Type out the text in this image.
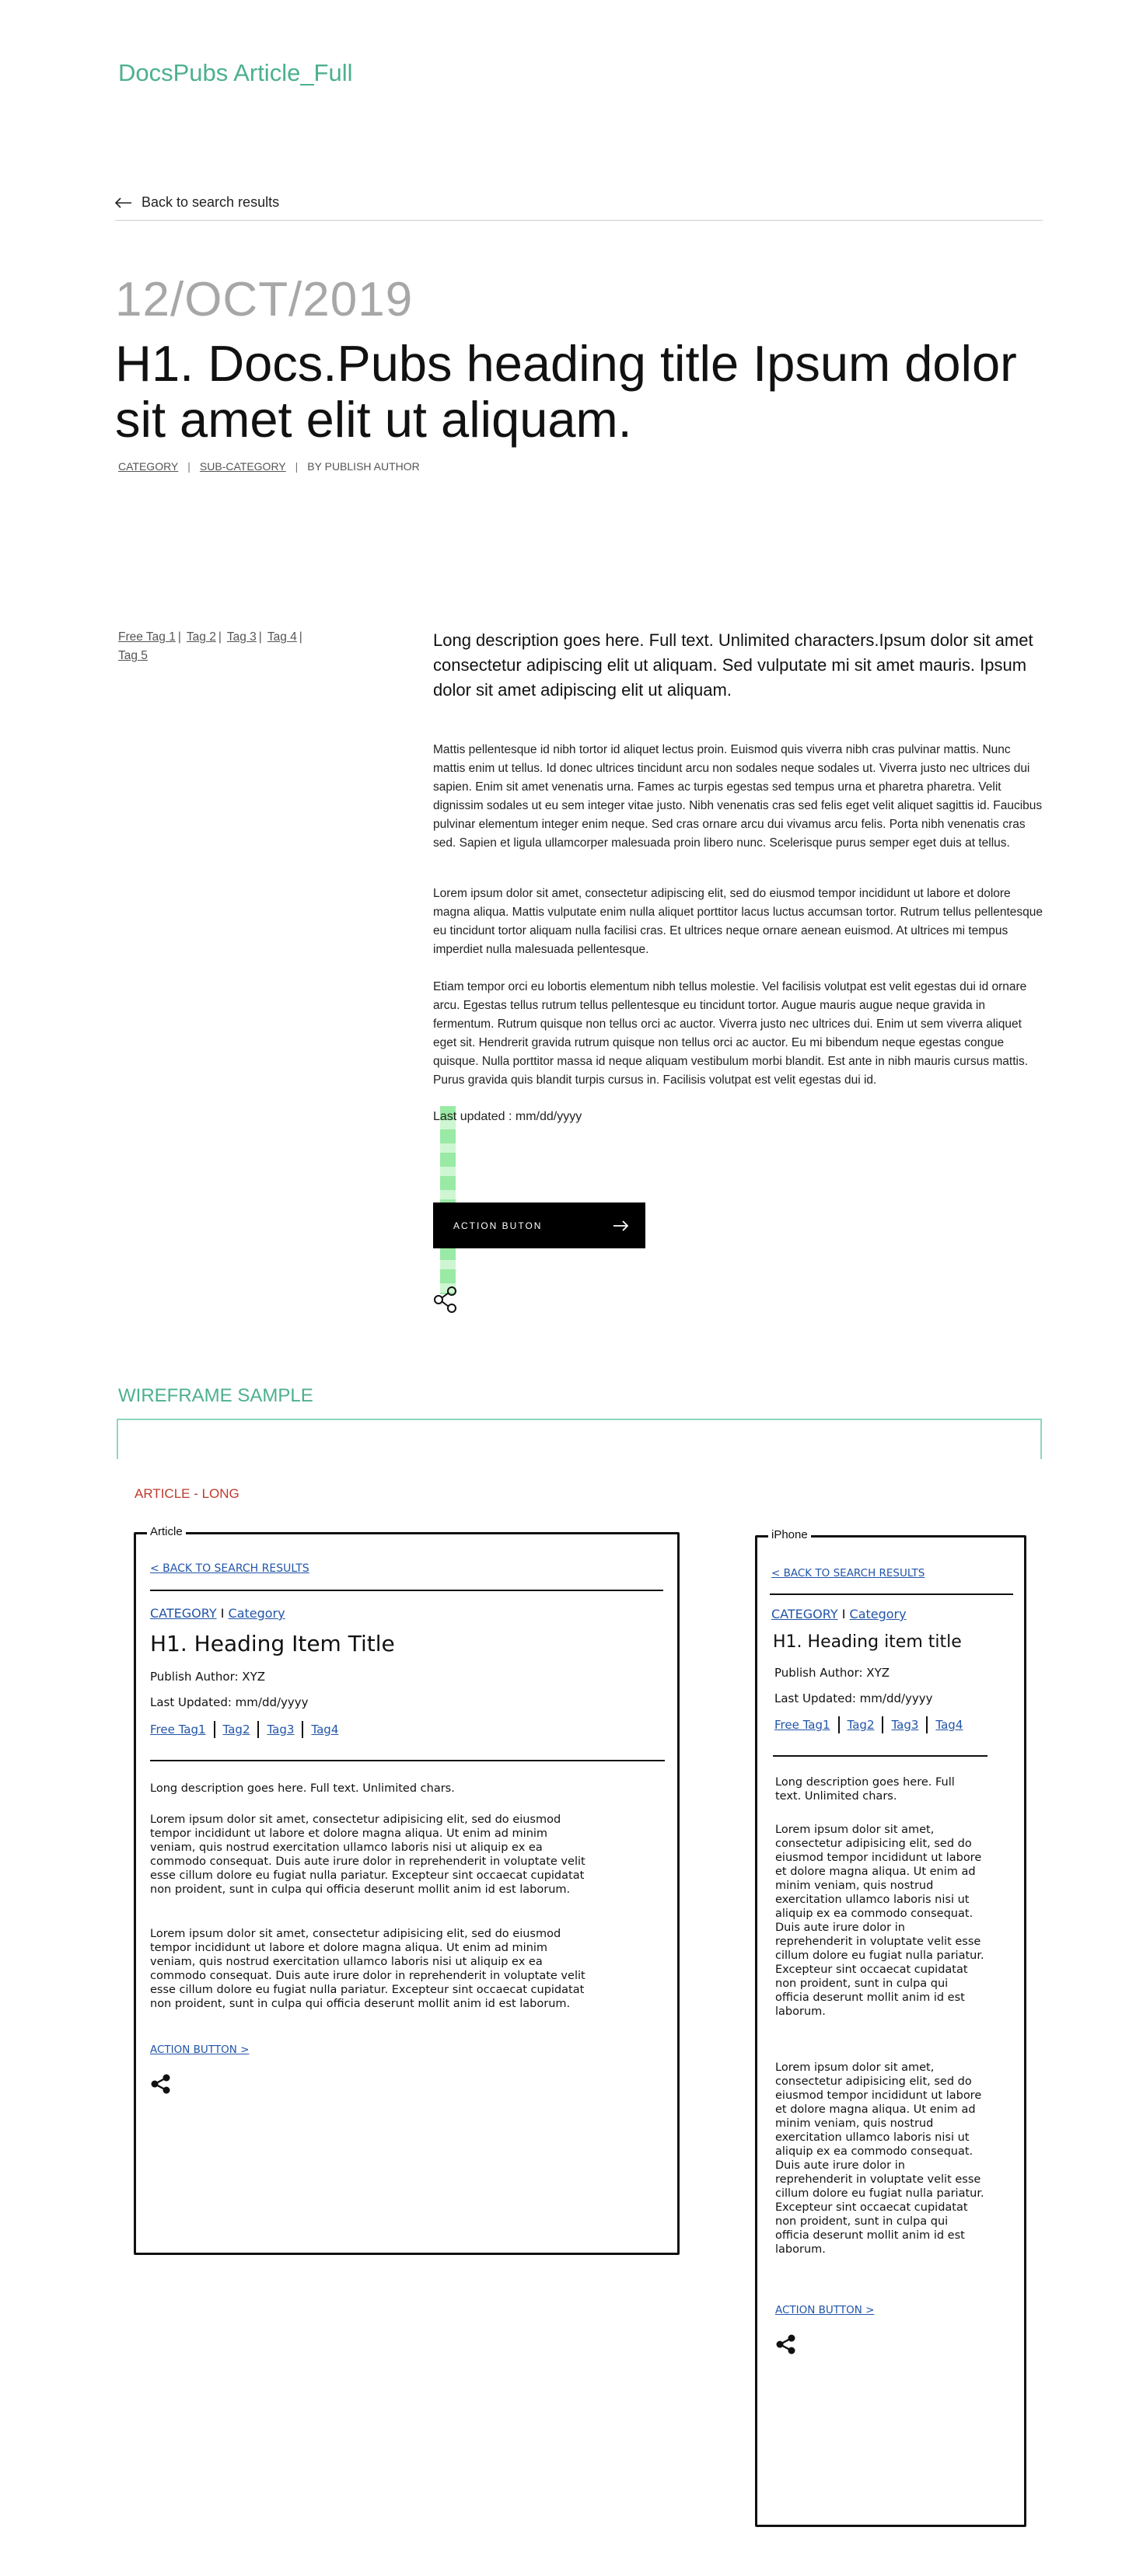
DocsPubs Article_Full
Back to search results
12/OCT/2019
H1. Docs.Pubs heading title Ipsum dolor sit amet elit ut aliquam.
CATEGORY | SUB-CATEGORY | BY PUBLISH AUTHOR
Free Tag 1 | Tag 2 | Tag 3 | Tag 4 |
Tag 5
Long description goes here. Full text. Unlimited characters.Ipsum dolor sit amet consectetur adipiscing elit ut aliquam. Sed vulputate mi sit amet mauris. Ipsum dolor sit amet adipiscing elit ut aliquam.
Mattis pellentesque id nibh tortor id aliquet lectus proin. Euismod quis viverra nibh cras pulvinar mattis. Nunc mattis enim ut tellus. Id donec ultrices tincidunt arcu non sodales neque sodales ut. Viverra justo nec ultrices dui sapien. Enim sit amet venenatis urna. Fames ac turpis egestas sed tempus urna et pharetra pharetra. Velit dignissim sodales ut eu sem integer vitae justo. Nibh venenatis cras sed felis eget velit aliquet sagittis id. Faucibus pulvinar elementum integer enim neque. Sed cras ornare arcu dui vivamus arcu felis. Porta nibh venenatis cras sed. Sapien et ligula ullamcorper malesuada proin libero nunc. Scelerisque purus semper eget duis at tellus.
Lorem ipsum dolor sit amet, consectetur adipiscing elit, sed do eiusmod tempor incididunt ut labore et dolore magna aliqua. Mattis vulputate enim nulla aliquet porttitor lacus luctus accumsan tortor. Rutrum tellus pellentesque eu tincidunt tortor aliquam nulla facilisi cras. Et ultrices neque ornare aenean euismod. At ultrices mi tempus imperdiet nulla malesuada pellentesque.
Etiam tempor orci eu lobortis elementum nibh tellus molestie. Vel facilisis volutpat est velit egestas dui id ornare arcu. Egestas tellus rutrum tellus pellentesque eu tincidunt tortor. Augue mauris augue neque gravida in fermentum. Rutrum quisque non tellus orci ac auctor. Viverra justo nec ultrices dui. Enim ut sem viverra aliquet eget sit. Hendrerit gravida rutrum quisque non tellus orci ac auctor. Eu mi bibendum neque egestas congue quisque. Nulla porttitor massa id neque aliquam vestibulum morbi blandit. Est ante in nibh mauris cursus mattis. Purus gravida quis blandit turpis cursus in. Facilisis volutpat est velit egestas dui id.
Last updated : mm/dd/yyyy
ACTION BUTON
WIREFRAME SAMPLE
ARTICLE - LONG
Article
< BACK TO SEARCH RESULTS
CATEGORY I Category
H1. Heading Item Title
Publish Author: XYZ
Last Updated: mm/dd/yyyy
Free Tag1 Tag2 Tag3 Tag4
Long description goes here. Full text. Unlimited chars.
Lorem ipsum dolor sit amet, consectetur adipisicing elit, sed do eiusmod
tempor incididunt ut labore et dolore magna aliqua. Ut enim ad minim
veniam, quis nostrud exercitation ullamco laboris nisi ut aliquip ex ea
commodo consequat. Duis aute irure dolor in reprehenderit in voluptate velit
esse cillum dolore eu fugiat nulla pariatur. Excepteur sint occaecat cupidatat
non proident, sunt in culpa qui officia deserunt mollit anim id est laborum.
Lorem ipsum dolor sit amet, consectetur adipisicing elit, sed do eiusmod
tempor incididunt ut labore et dolore magna aliqua. Ut enim ad minim
veniam, quis nostrud exercitation ullamco laboris nisi ut aliquip ex ea
commodo consequat. Duis aute irure dolor in reprehenderit in voluptate velit
esse cillum dolore eu fugiat nulla pariatur. Excepteur sint occaecat cupidatat
non proident, sunt in culpa qui officia deserunt mollit anim id est laborum.
ACTION BUTTON >
iPhone
< BACK TO SEARCH RESULTS
CATEGORY I Category
H1. Heading item title
Publish Author: XYZ
Last Updated: mm/dd/yyyy
Free Tag1 Tag2 Tag3 Tag4
Long description goes here. Full
text. Unlimited chars.
Lorem ipsum dolor sit amet,
consectetur adipisicing elit, sed do
eiusmod tempor incididunt ut labore
et dolore magna aliqua. Ut enim ad
minim veniam, quis nostrud
exercitation ullamco laboris nisi ut
aliquip ex ea commodo consequat.
Duis aute irure dolor in
reprehenderit in voluptate velit esse
cillum dolore eu fugiat nulla pariatur.
Excepteur sint occaecat cupidatat
non proident, sunt in culpa qui
officia deserunt mollit anim id est
laborum.
Lorem ipsum dolor sit amet,
consectetur adipisicing elit, sed do
eiusmod tempor incididunt ut labore
et dolore magna aliqua. Ut enim ad
minim veniam, quis nostrud
exercitation ullamco laboris nisi ut
aliquip ex ea commodo consequat.
Duis aute irure dolor in
reprehenderit in voluptate velit esse
cillum dolore eu fugiat nulla pariatur.
Excepteur sint occaecat cupidatat
non proident, sunt in culpa qui
officia deserunt mollit anim id est
laborum.
ACTION BUTTON >
